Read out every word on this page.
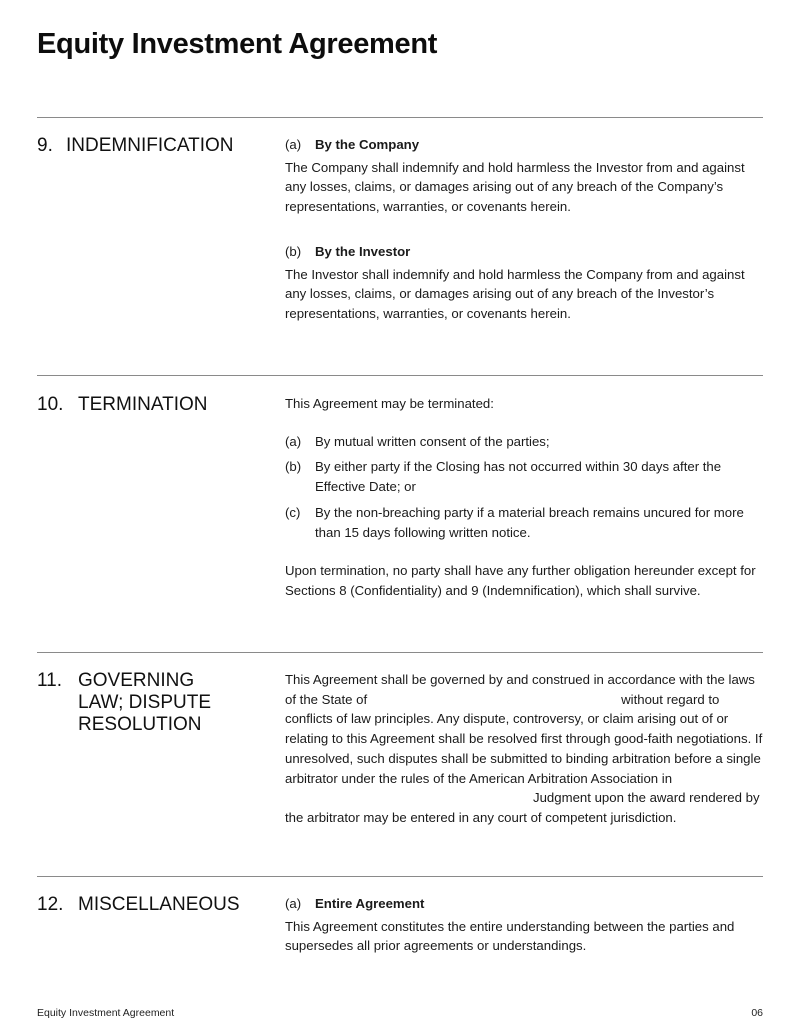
Equity Investment Agreement
9. INDEMNIFICATION	(a)	By the Company

The Company shall indemnify and hold harmless the Investor from and against any losses, claims, or damages arising out of any breach of the Company’s representations, warranties, or covenants herein.

(b)	By the Investor

The Investor shall indemnify and hold harmless the Company from and against any losses, claims, or damages arising out of any breach of the Investor’s representations, warranties, or covenants herein.

10. TERMINATION	This Agreement may be terminated:

(a)	By mutual written consent of the parties;
(b)	By either party if the Closing has not occurred within 30 days after the Effective Date; or
(c)	By the non-breaching party if a material breach remains uncured for more than 15 days following written notice.

Upon termination, no party shall have any further obligation hereunder except for Sections 8 (Confidentiality) and 9 (Indemnification), which shall survive.

11. GOVERNING
LAW; DISPUTE
RESOLUTION

This Agreement shall be governed by and construed in accordance with the laws of the State of	without regard to conflicts of law principles. Any dispute, controversy, or claim arising out of or relating to this Agreement shall be resolved first through good-faith negotiations. If unresolved, such disputes shall be submitted to binding arbitration before a single arbitrator under the rules of the American Arbitration Association inJudgment upon the award rendered by the arbitrator may be entered in any court of competent jurisdiction.

12. MISCELLANEOUS	(a)	Entire Agreement

This Agreement constitutes the entire understanding between the parties and supersedes all prior agreements or understandings.

Equity Investment Agreement	06
